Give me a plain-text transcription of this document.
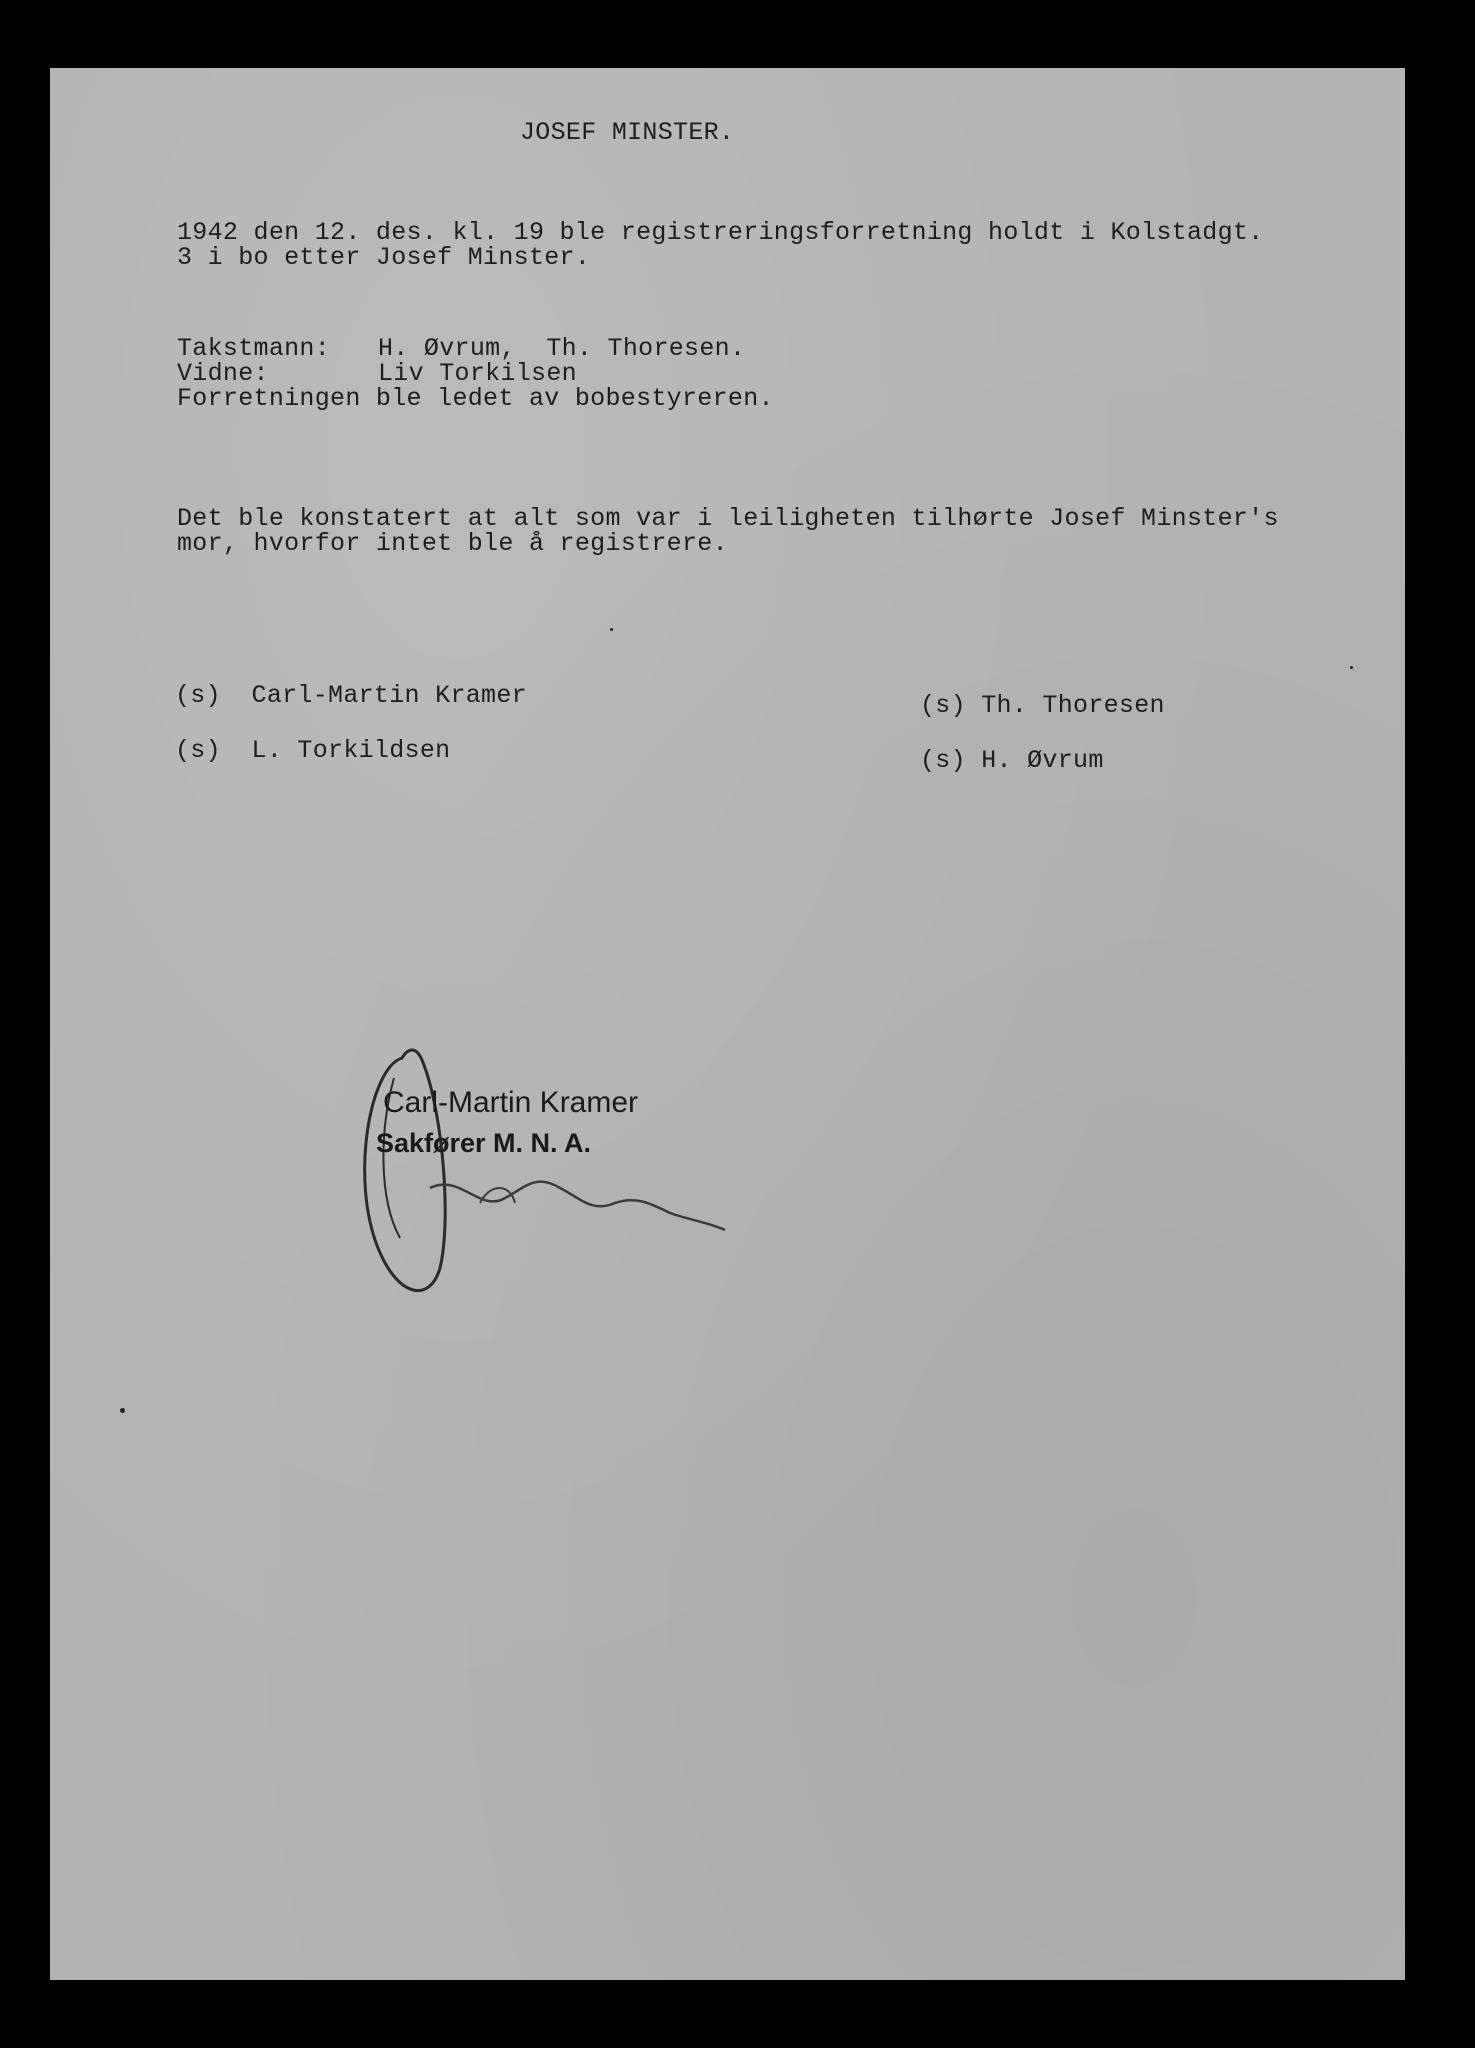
JOSEF MINSTER.
1942 den 12. des. kl. 19 ble registreringsforretning holdt i Kolstadgt.
3 i bo etter Josef Minster.
Takstmann: H. Øvrum,  Th. Thoresen.
Vidne:	Liv Torkilsen
Forretningen ble ledet av bobestyreren.
Det ble konstatert at alt som var i leiligheten tilhørte Josef Minster's
mor, hvorfor intet ble å registrere.
(s)  Carl-Martin Kramer
(s)  L. Torkildsen
(s) Th. Thoresen
(s) H. Øvrum
Carl-Martin Kramer
Sakfører M. N. A.
